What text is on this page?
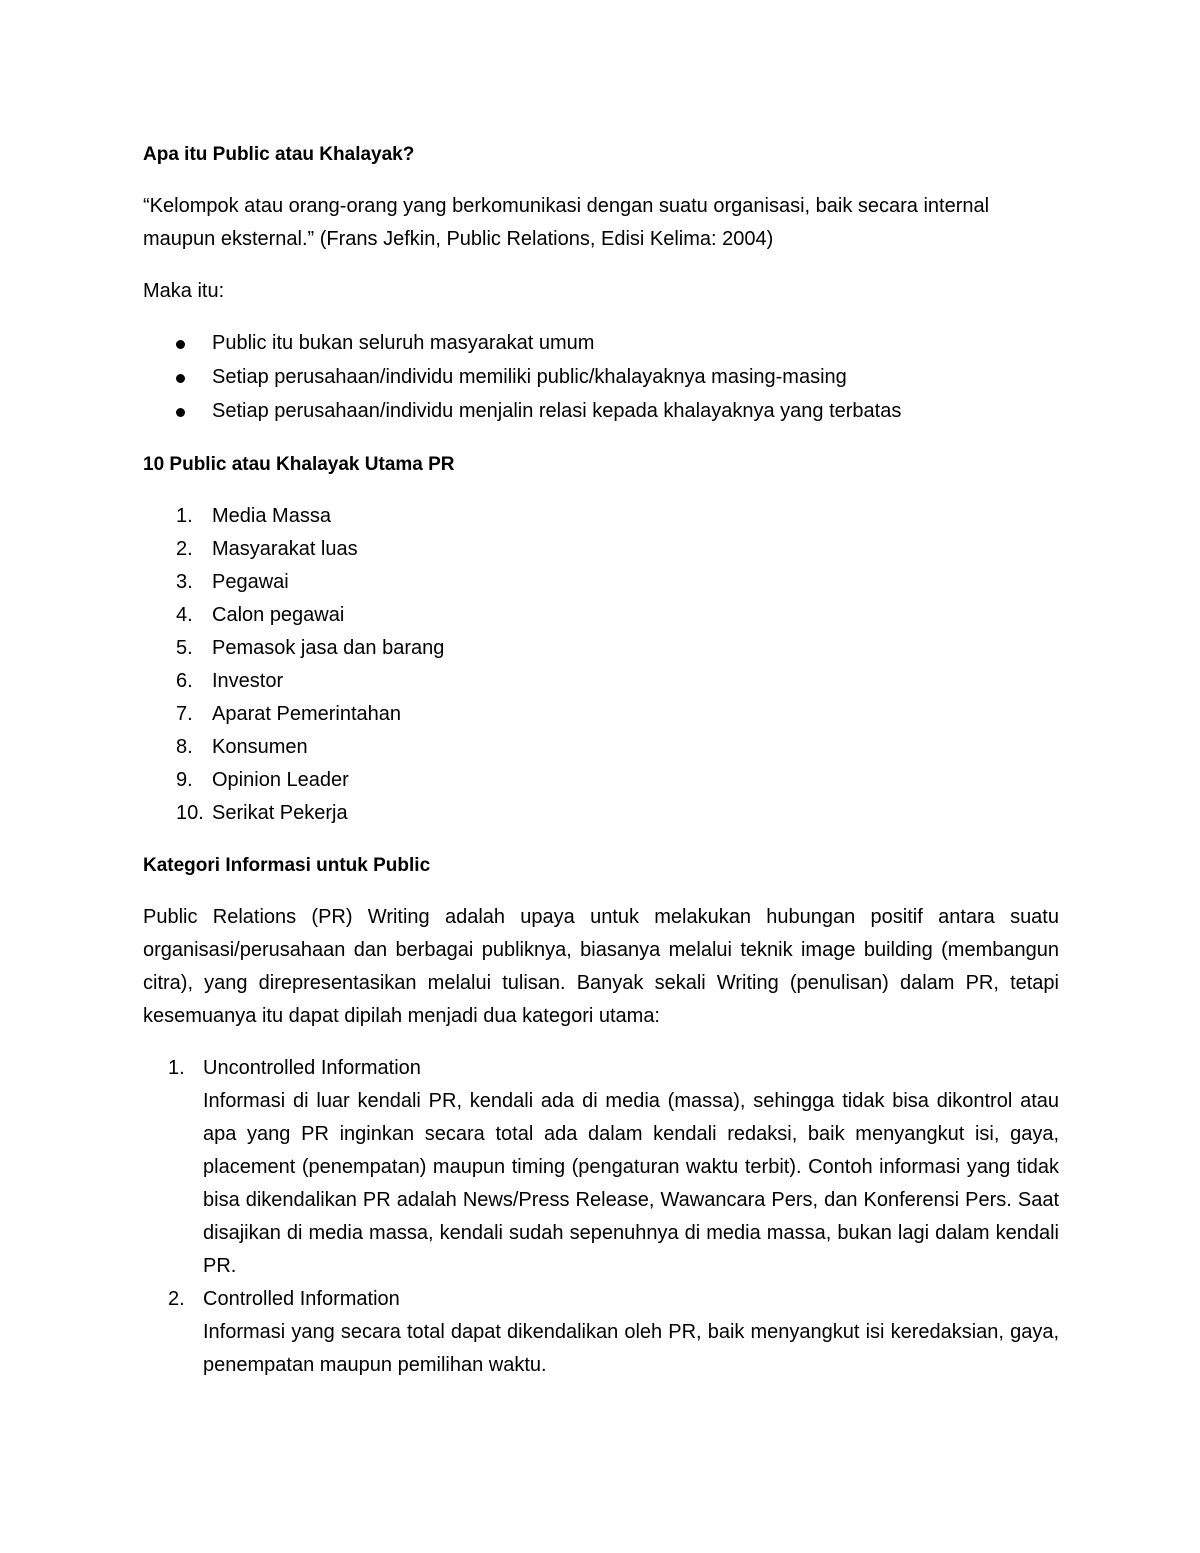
Apa itu Public atau Khalayak?

“Kelompok atau orang-orang yang berkomunikasi dengan suatu organisasi, baik secara internal maupun eksternal.” (Frans Jefkin, Public Relations, Edisi Kelima: 2004)

Maka itu:

Public itu bukan seluruh masyarakat umum
Setiap perusahaan/individu memiliki public/khalayaknya masing-masing
Setiap perusahaan/individu menjalin relasi kepada khalayaknya yang terbatas
10 Public atau Khalayak Utama PR
1. Media Massa
2. Masyarakat luas
3. Pegawai
4. Calon pegawai
5. Pemasok jasa dan barang
6. Investor
7. Aparat Pemerintahan
8. Konsumen
9. Opinion Leader
10. Serikat Pekerja
Kategori Informasi untuk Public

Public Relations (PR) Writing adalah upaya untuk melakukan hubungan positif antara suatu organisasi/perusahaan dan berbagai publiknya, biasanya melalui teknik image building (membangun citra), yang direpresentasikan melalui tulisan. Banyak sekali Writing (penulisan) dalam PR, tetapi kesemuanya itu dapat dipilah menjadi dua kategori utama:

1. Uncontrolled Information
Informasi di luar kendali PR, kendali ada di media (massa), sehingga tidak bisa dikontrol atau apa yang PR inginkan secara total ada dalam kendali redaksi, baik menyangkut isi, gaya, placement (penempatan) maupun timing (pengaturan waktu terbit). Contoh informasi yang tidak bisa dikendalikan PR adalah News/Press Release, Wawancara Pers, dan Konferensi Pers. Saat disajikan di media massa, kendali sudah sepenuhnya di media massa, bukan lagi dalam kendali PR.
2. Controlled Information
Informasi yang secara total dapat dikendalikan oleh PR, baik menyangkut isi keredaksian, gaya, penempatan maupun pemilihan waktu.
